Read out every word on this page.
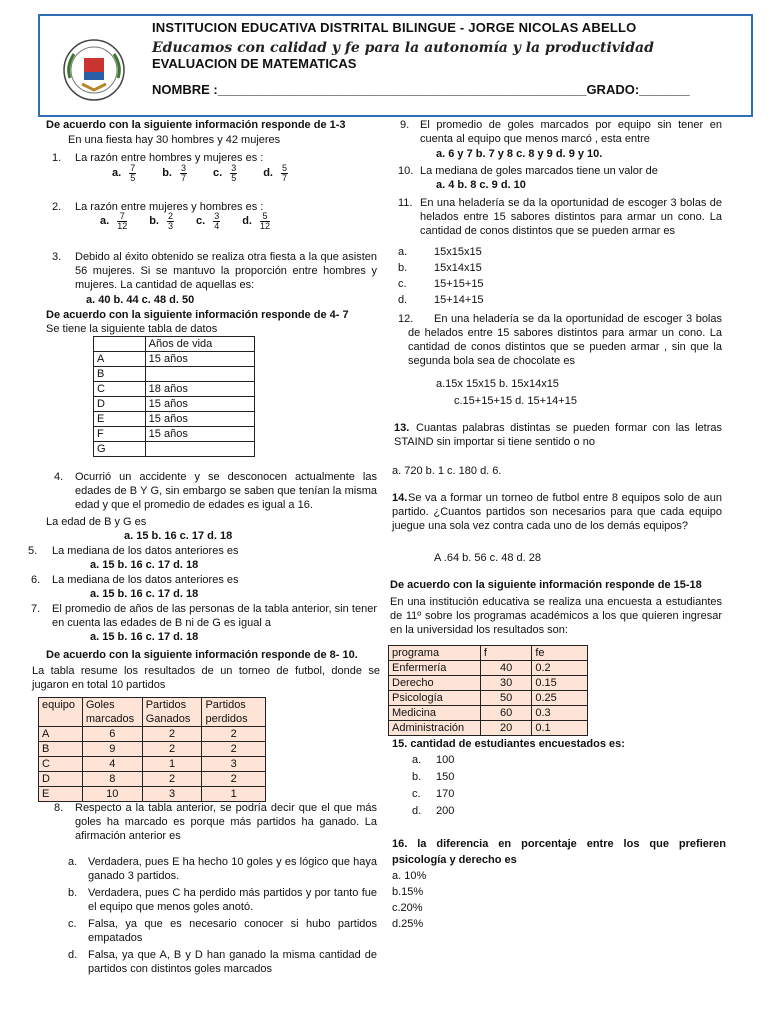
INSTITUCION EDUCATIVA DISTRITAL BILINGUE - JORGE NICOLAS ABELLO
Educamos con calidad y fe para la autonomía y la productividad
EVALUACION DE MATEMATICAS
NOMBRE :___________________________________________________GRADO:_______
De acuerdo con la siguiente información responde de 1-3
En una fiesta hay 30 hombres y 42 mujeres
1. La razón entre hombres y mujeres es :
a. $\frac{7}{5} b$. $\frac{3}{7} c$. $\frac{3}{5} d$. $\frac{5}{7}$
2. La razón entre mujeres y hombres es :
a. $\frac{7}{12} b$. $\frac{2}{3} c$. $\frac{3}{4} d$. $\frac{5}{12}$
3. Debido al éxito obtenido se realiza otra fiesta a la que asisten 56 mujeres. Si se mantuvo la proporción entre hombres y mujeres. La cantidad de aquellas es:
a. 40 b. 44 c. 48 d. 50
De acuerdo con la siguiente información responde de 4- 7
Se tiene la siguiente tabla de datos
	Años de vida
A	15 años
B	
C	18 años
D	15 años
E	15 años
F	15 años
G	
4. Ocurrió un accidente y se desconocen actualmente las edades de B Y G, sin embargo se saben que tenían la misma edad y que el promedio de edades es igual a 16.
La edad de B y G es
a. 15 b. 16 c. 17 d. 18
5. La mediana de los datos anteriores es
a. 15 b. 16 c. 17 d. 18
6. La mediana de los datos anteriores es
a. 15 b. 16 c. 17 d. 18
7. El promedio de años de las personas de la tabla anterior, sin tener en cuenta las edades de B ni de G es igual a
a. 15 b. 16 c. 17 d. 18
De acuerdo con la siguiente información responde de 8- 10.
La tabla resume los resultados de un torneo de futbol, donde se jugaron en total 10 partidos
equipo	Goles marcados	Partidos Ganados	Partidos perdidos
A	6	2	2
B	9	2	2
C	4	1	3
D	8	2	2
E	10	3	1
8. Respecto a la tabla anterior, se podría decir que el que más goles ha marcado es porque más partidos ha ganado. La afirmación anterior es
a. Verdadera, pues E ha hecho 10 goles y es lógico que haya ganado 3 partidos.
b. Verdadera, pues C ha perdido más partidos y por tanto fue el equipo que menos goles anotó.
c. Falsa, ya que es necesario conocer si hubo partidos empatados
d. Falsa, ya que A, B y D han ganado la misma cantidad de partidos con distintos goles marcados
9. El promedio de goles marcados por equipo sin tener en cuenta al equipo que menos marcó , esta entre
a. 6 y 7 b. 7 y 8 c. 8 y 9 d. 9 y 10.
10. La mediana de goles marcados tiene un valor de
a. 4 b. 8 c. 9 d. 10
11. En una heladería se da la oportunidad de escoger 3 bolas de helados entre 15 sabores distintos para armar un cono. La cantidad de conos distintos que se pueden armar es
a. 15x15x15
b. 15x14x15
c. 15+15+15
d. 15+14+15
12.	En una heladería se da la oportunidad de escoger 3 bolas de helados entre 15 sabores distintos para armar un cono. La cantidad de conos distintos que se pueden armar , sin que la segunda bola sea de chocolate es
a.15x 15x15 b. 15x14x15
c.15+15+15 d. 15+14+15
13. Cuantas palabras distintas se pueden formar con las letras STAIND sin importar si tiene sentido o no
a. 720 b. 1 c. 180 d. 6.
14. Se va a formar un torneo de futbol entre 8 equipos solo de aun partido. ¿Cuantos partidos son necesarios para que cada equipo juegue una sola vez contra cada uno de los demás equipos?
A .64 b. 56 c. 48 d. 28
De acuerdo con la siguiente información responde de 15-18
En una institución educativa se realiza una encuesta a estudiantes de 11º sobre los programas académicos a los que quieren ingresar en la universidad los resultados son:
programa	f	fe
Enfermería	40	0.2
Derecho	30	0.15
Psicología	50	0.25
Medicina	60	0.3
Administración	20	0.1
15. cantidad de estudiantes encuestados es:
a. 100
b. 150
c. 170
d. 200
16. la diferencia en porcentaje entre los que prefieren psicología y derecho es
a. 10%
b.15%
c.20%
d.25%
